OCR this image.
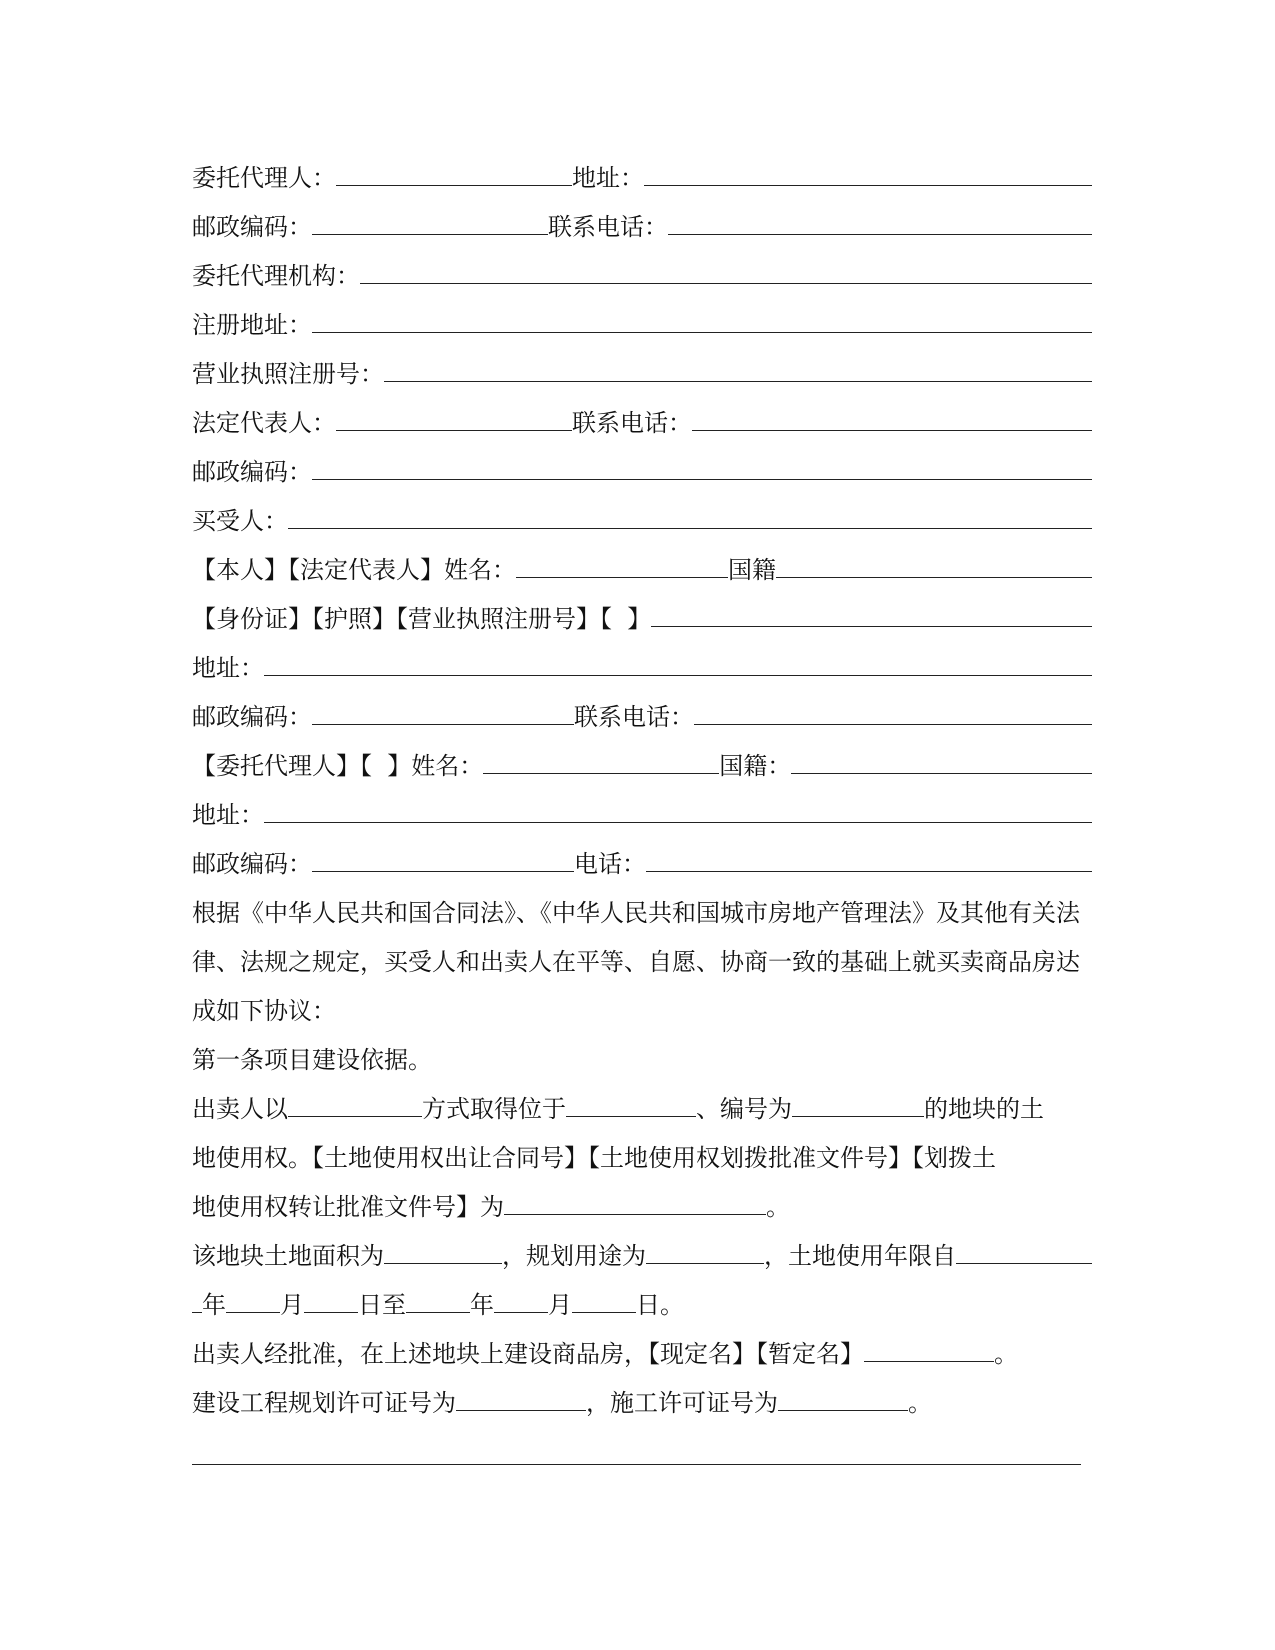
委托代理人：	地址：
邮政编码：	联系电话：
委托代理机构：
注册地址：
营业执照注册号：
法定代表人：	联系电话：
邮政编码：
买受人：
【本人】【法定代表人】姓名：	国籍
【身份证】【护照】【营业执照注册号】【  】
地址：
邮政编码：	联系电话：
【委托代理人】【  】姓名：	国籍：
地址：
邮政编码：	电话：
根据《中华人民共和国合同法》、《中华人民共和国城市房地产管理法》及其他有关法律、法规之规定，买受人和出卖人在平等、自愿、协商一致的基础上就买卖商品房达成如下协议：
第一条项目建设依据。
出卖人以	方式取得位于	、编号为	的地块的土
地使用权。【土地使用权出让合同号】【土地使用权划拨批准文件号】【划拨土
地使用权转让批准文件号】为	。
该地块土地面积为	，规划用途为	，土地使用年限自
年 月 日至	年 月	日。
出卖人经批准，在上述地块上建设商品房，【现定名】【暂定名】	。
建设工程规划许可证号为	，施工许可证号为	。
